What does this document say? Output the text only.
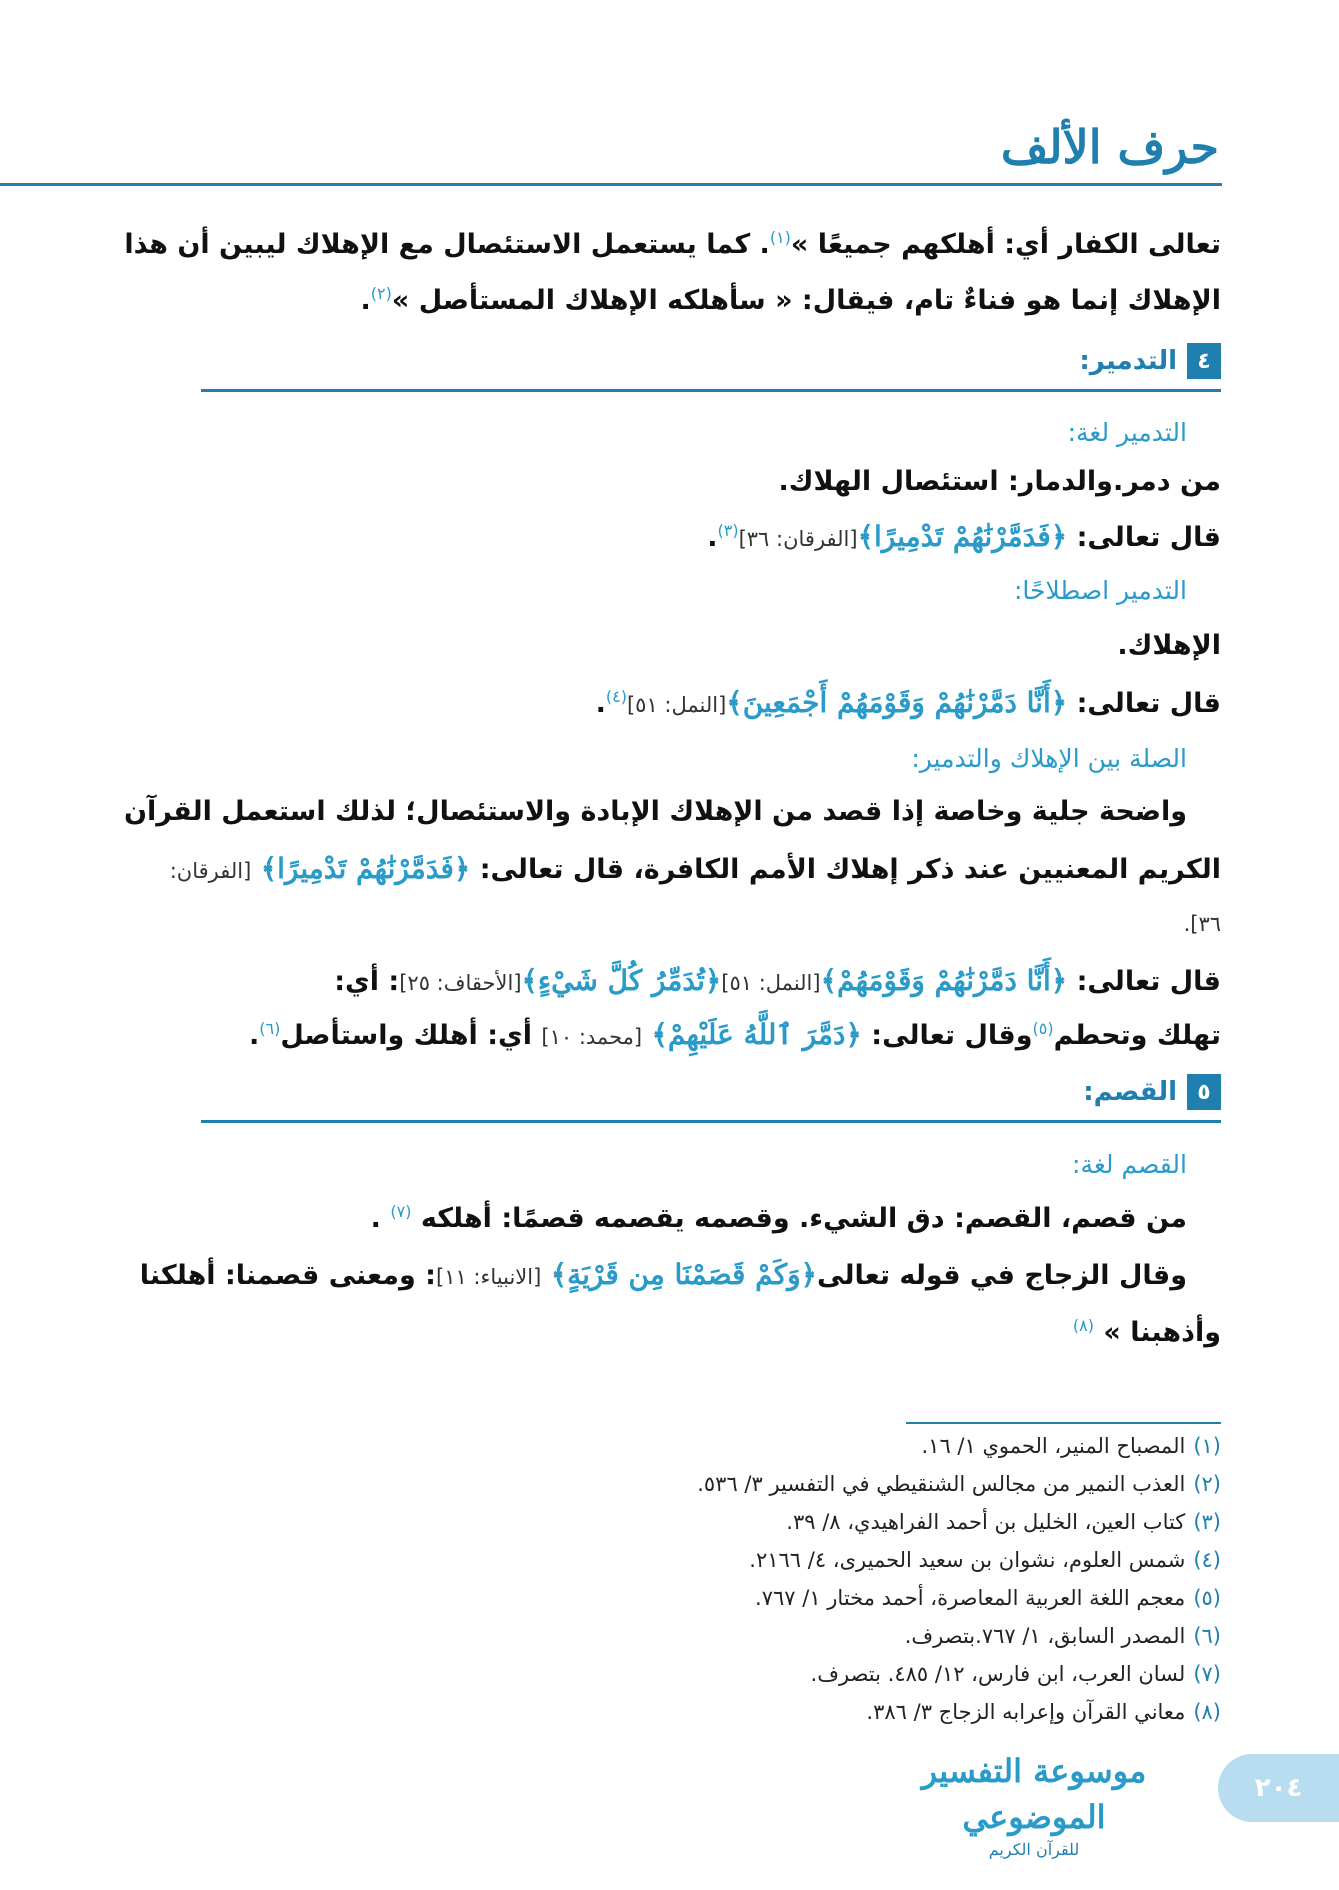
حرف الألف
تعالى الكفار أي: أهلكهم جميعًا »$^{(١)}$. كما يستعمل الاستئصال مع الإهلاك ليبين أن هذا
الإهلاك إنما هو فناءٌ تام، فيقال: « سأهلكه الإهلاك المستأصل »$^{(٢)}$.
٤
التدمير:
التدمير لغة:
من دمر.والدمار: استئصال الهلاك.
قال تعالى: ﴿فَدَمَّرْنَٰهُمْ تَدْمِيرًا﴾[الفرقان: ٣٦]$^{(٣)}$.
التدمير اصطلاحًا:
الإهلاك.
قال تعالى: ﴿أَنَّا دَمَّرْنَٰهُمْ وَقَوْمَهُمْ أَجْمَعِينَ﴾[النمل: ٥١]$^{(٤)}$.
الصلة بين الإهلاك والتدمير:
واضحة جلية وخاصة إذا قصد من الإهلاك الإبادة والاستئصال؛ لذلك استعمل القرآن
الكريم المعنيين عند ذكر إهلاك الأمم الكافرة، قال تعالى: ﴿فَدَمَّرْنَٰهُمْ تَدْمِيرًا﴾ [الفرقان:
٣٦].
قال تعالى: ﴿أَنَّا دَمَّرْنَٰهُمْ وَقَوْمَهُمْ﴾[النمل: ٥١]﴿تُدَمِّرُ كُلَّ شَيْءٍ﴾[الأحقاف: ٢٥]: أي:
تهلك وتحطم$^{(٥)}$وقال تعالى: ﴿دَمَّرَ ٱللَّهُ عَلَيْهِمْ﴾ [محمد: ١٠] أي: أهلك واستأصل$^{(٦)}$.
٥
القصم:
القصم لغة:
من قصم، القصم: دق الشيء. وقصمه يقصمه قصمًا: أهلكه $^{(٧)}$ .
وقال الزجاج في قوله تعالى﴿وَكَمْ قَصَمْنَا مِن قَرْيَةٍ﴾ [الانبياء: ١١]: ومعنى قصمنا: أهلكنا
وأذهبنا » $^{(٨)}$
(١)المصباح المنير، الحموي ١/ ١٦.
(٢)العذب النمير من مجالس الشنقيطي في التفسير ٣/ ٥٣٦.
(٣)كتاب العين، الخليل بن أحمد الفراهيدي، ٨/ ٣٩.
(٤)شمس العلوم، نشوان بن سعيد الحميرى، ٤/ ٢١٦٦.
(٥)معجم اللغة العربية المعاصرة، أحمد مختار ١/ ٧٦٧.
(٦)المصدر السابق، ١/ ٧٦٧.بتصرف.
(٧)لسان العرب، ابن فارس، ١٢/ ٤٨٥. بتصرف.
(٨)معاني القرآن وإعرابه الزجاج ٣/ ٣٨٦.
٢٠٤
موسوعة التفسير الموضوعي
للقرآن الكريم
